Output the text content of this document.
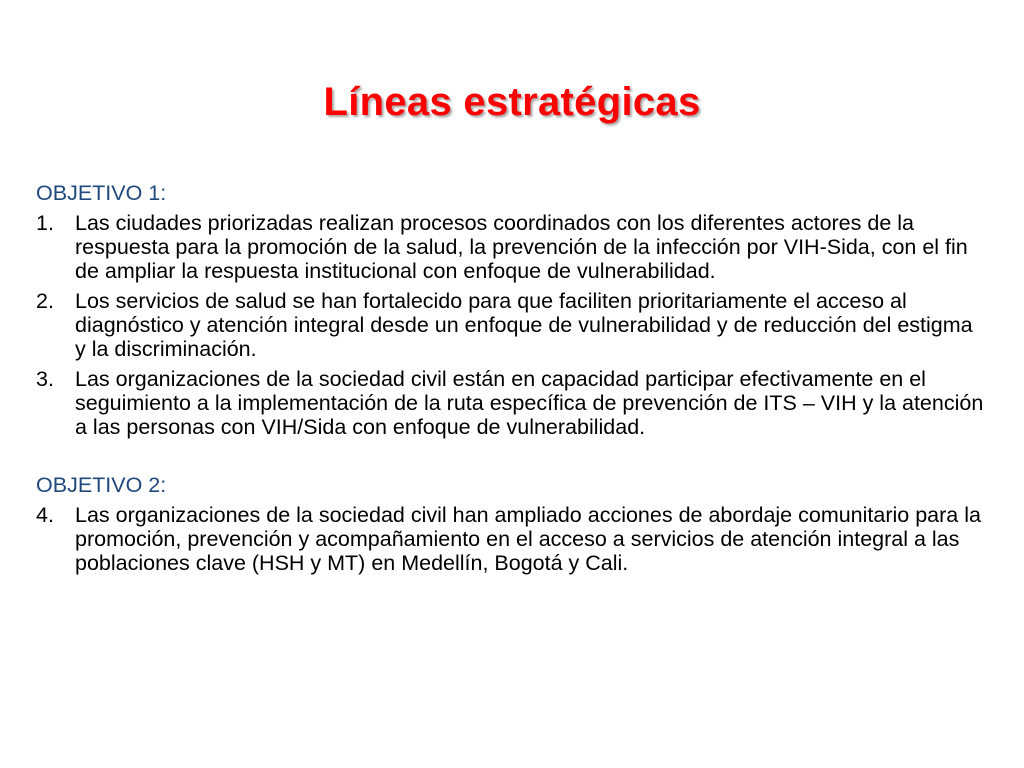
Líneas estratégicas
OBJETIVO 1:
1. Las ciudades priorizadas realizan procesos coordinados con los diferentes actores de la respuesta para la promoción de la salud, la prevención de la infección por VIH-Sida, con el fin de ampliar la respuesta institucional con enfoque de vulnerabilidad.
2. Los servicios de salud se han fortalecido para que faciliten prioritariamente el acceso al diagnóstico y atención integral desde un enfoque de vulnerabilidad y de reducción del estigma y la discriminación.
3. Las organizaciones de la sociedad civil están en capacidad participar efectivamente en el seguimiento a la implementación de la ruta específica de prevención de ITS – VIH y la atención a las personas con VIH/Sida con enfoque de vulnerabilidad.
OBJETIVO 2:
4. Las organizaciones de la sociedad civil han ampliado acciones de abordaje comunitario para la promoción, prevención y acompañamiento en el acceso a servicios de atención integral a las poblaciones clave (HSH y MT) en Medellín, Bogotá y Cali.
